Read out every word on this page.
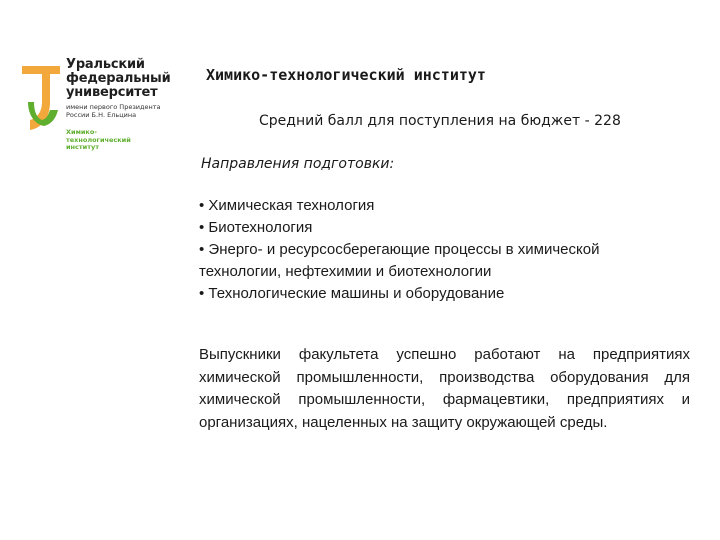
Уральский
федеральный
университет
имени первого Президента
России Б.Н. Ельцина
Химико-
технологический
институт
Химико-технологический институт
Средний балл для поступления на бюджет - 228
Направления подготовки:
• Химическая технология
• Биотехнология
• Энерго- и ресурсосберегающие процессы в химической технологии, нефтехимии и биотехнологии
• Технологические машины и оборудование

Выпускники факультета успешно работают на предприятиях химической промышленности, производства оборудования для химической промышленности, фармацевтики, предприятиях и организациях, нацеленных на защиту окружающей среды.
